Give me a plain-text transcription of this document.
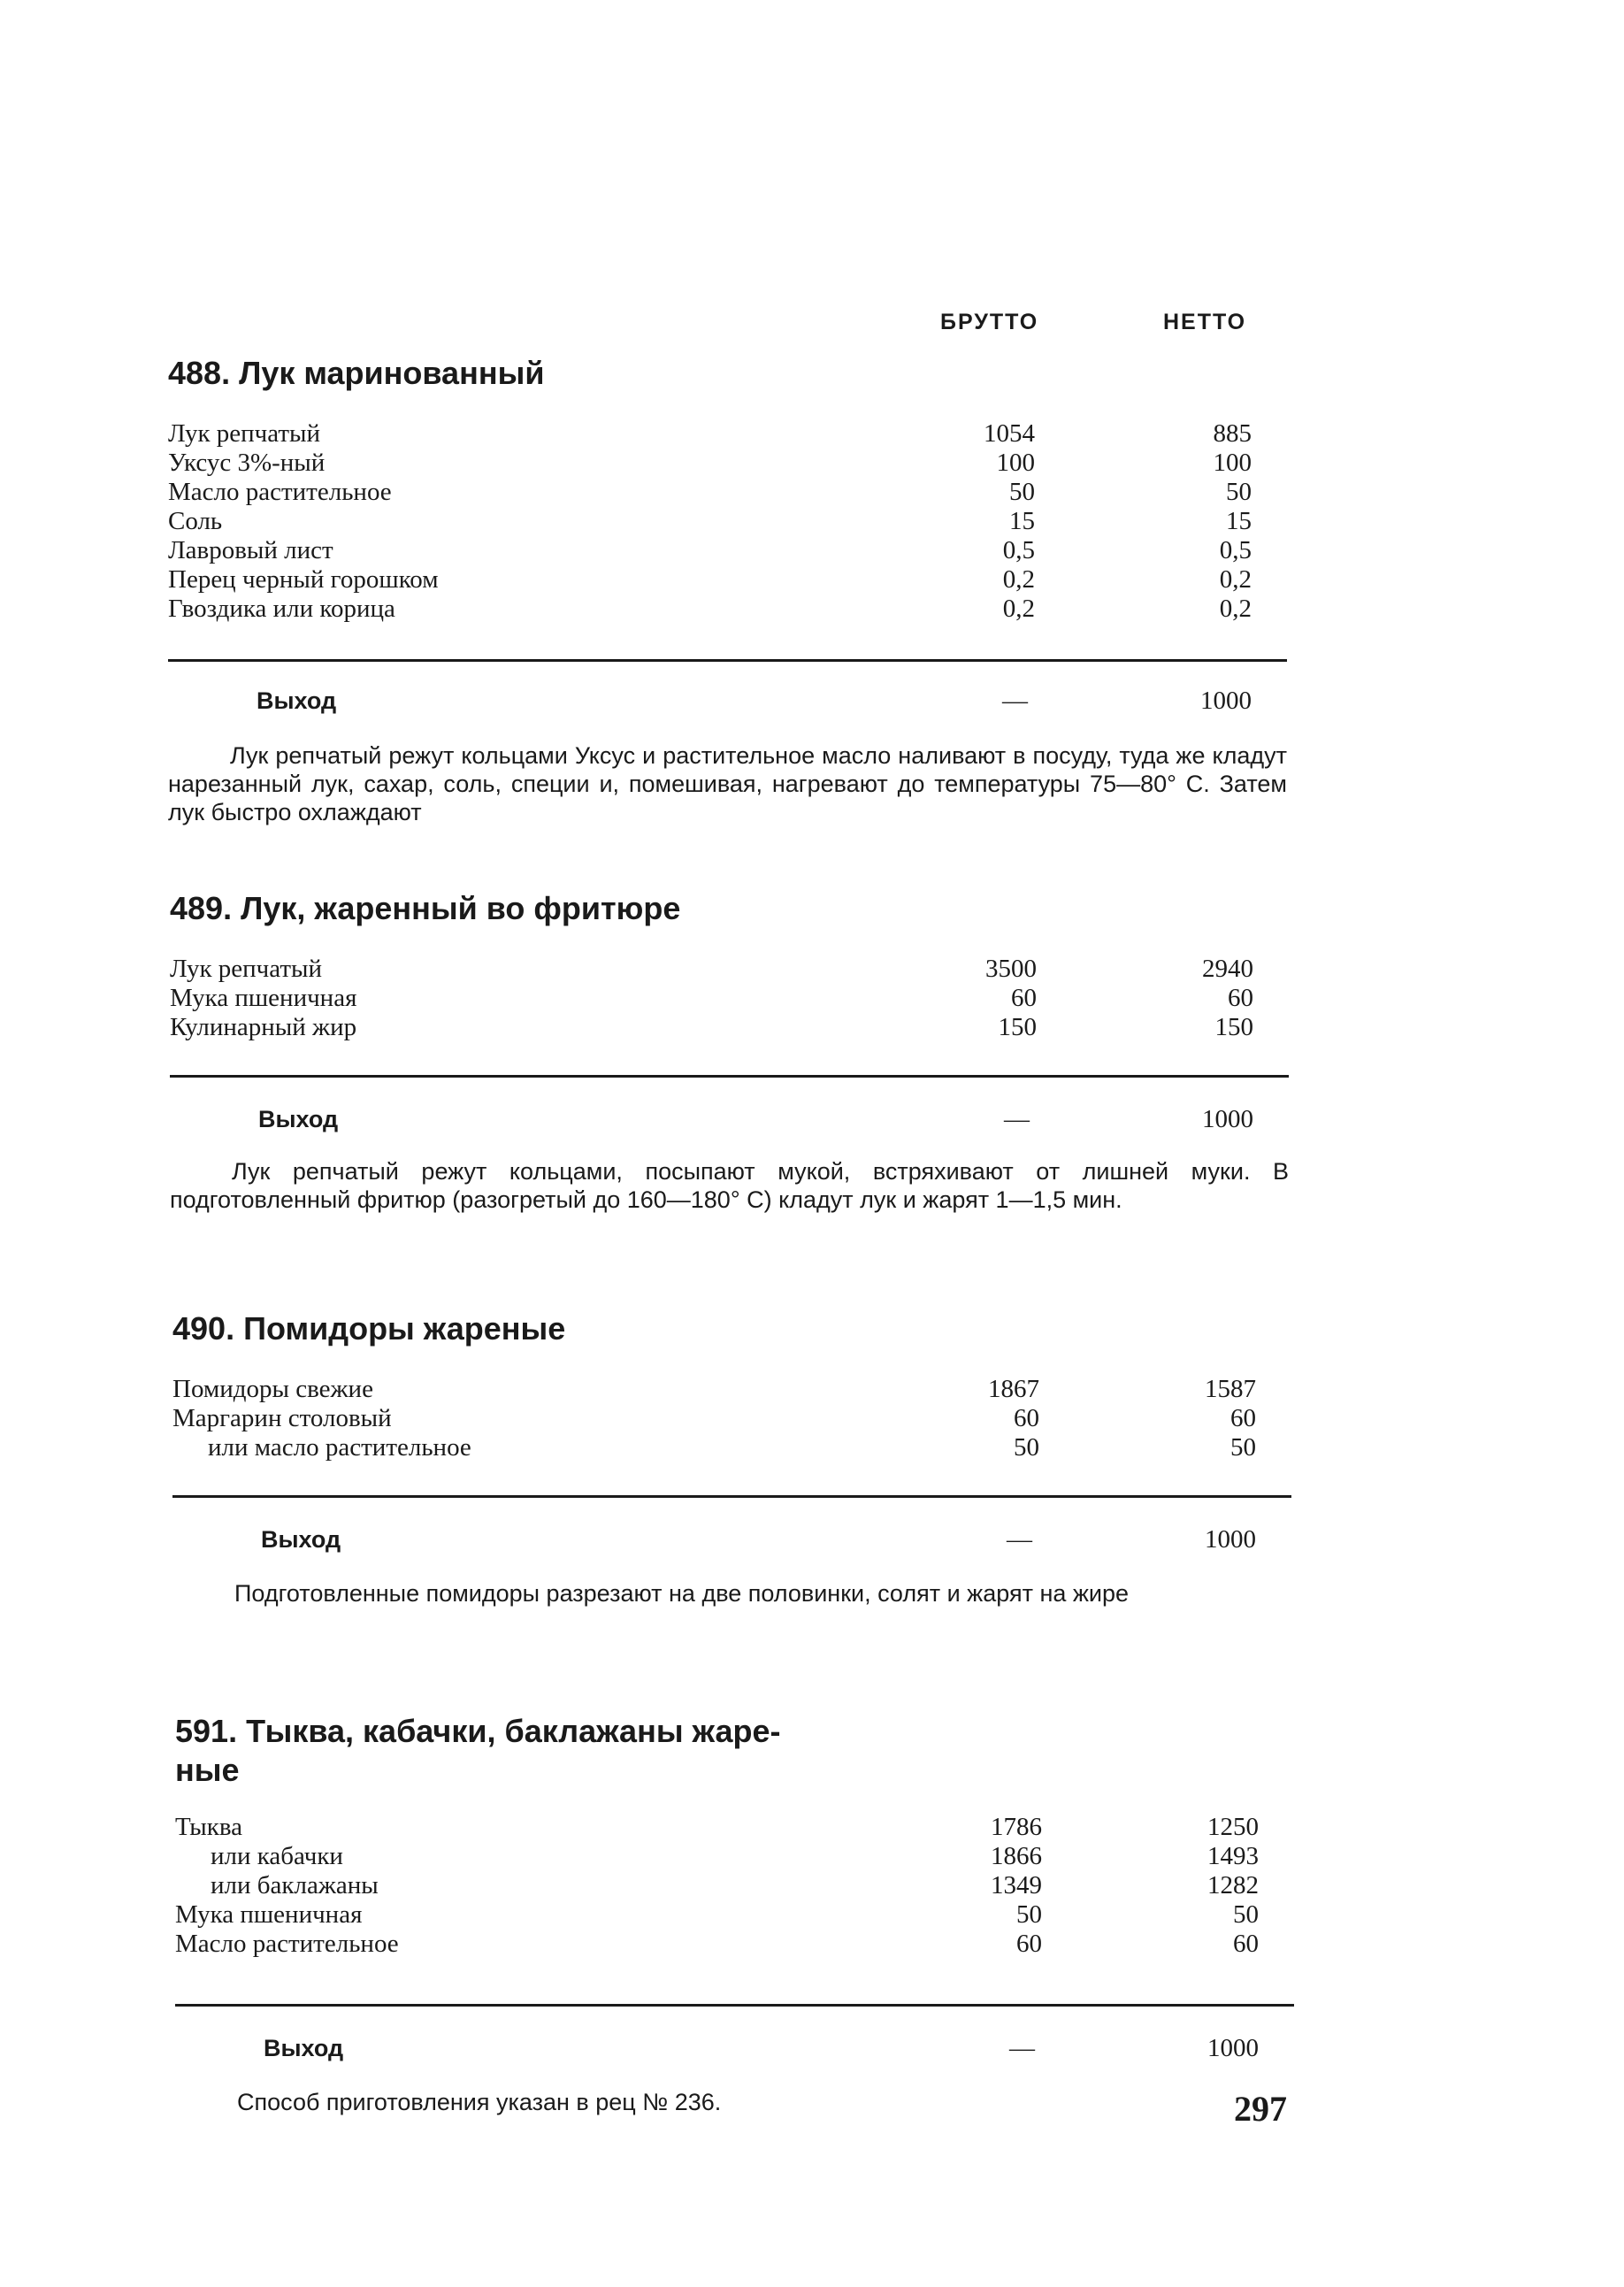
БРУТТО	НЕТТО
488. Лук маринованный
Лук репчатый	1054	885
Уксус 3%-ный	100	100
Масло растительное	50	50
Соль	15	15
Лавровый лист	0,5	0,5
Перец черный горошком	0,2	0,2
Гвоздика или корица	0,2	0,2
Выход	—	1000

Лук репчатый режут кольцами Уксус и растительное масло наливают в посуду, туда же кладут нарезанный лук, сахар, соль, специи и, помешивая, нагревают до температуры 75—80° С. Затем лук быстро охлаждают

489. Лук, жаренный во фритюре
Лук репчатый	3500	2940
Мука пшеничная	60	60
Кулинарный жир	150	150
Выход	—	1000

Лук репчатый режут кольцами, посыпают мукой, встряхивают от лишней муки. В подготовленный фритюр (разогретый до 160—180° С) кладут лук и жарят 1—1,5 мин.

490. Помидоры жареные
Помидоры свежие	1867	1587
Маргарин столовый	60	60
или масло растительное	50	50
Выход	—	1000

Подготовленные помидоры разрезают на две половинки, солят и жарят на жире

591. Тыква, кабачки, баклажаны жаре-
ные
Тыква	1786	1250
или кабачки	1866	1493
или баклажаны	1349	1282
Мука пшеничная	50	50
Масло растительное	60	60
Выход	—	1000

Способ приготовления указан в рец № 236.	297
